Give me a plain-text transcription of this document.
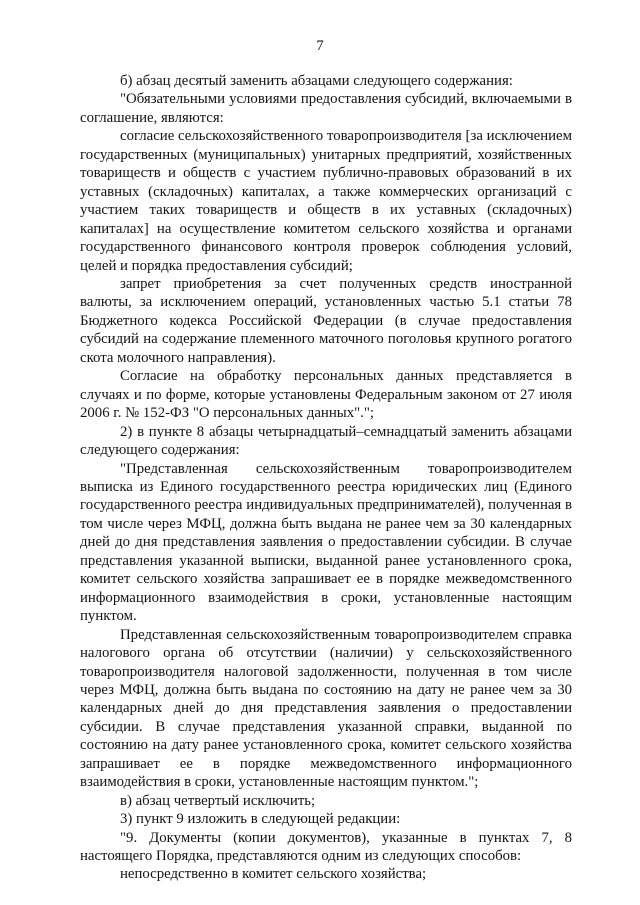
7

б) абзац десятый заменить абзацами следующего содержания:

"Обязательными условиями предоставления субсидий, включаемыми в соглашение, являются:

согласие сельскохозяйственного товаропроизводителя [за исключением государственных (муниципальных) унитарных предприятий, хозяйственных товариществ и обществ с участием публично-правовых образований в их уставных (складочных) капиталах, а также коммерческих организаций с участием таких товариществ и обществ в их уставных (складочных) капиталах] на осуществление комитетом сельского хозяйства и органами государственного финансового контроля проверок соблюдения условий, целей и порядка предоставления субсидий;

запрет приобретения за счет полученных средств иностранной валюты, за исключением операций, установленных частью 5.1 статьи 78 Бюджетного кодекса Российской Федерации (в случае предоставления субсидий на содержание племенного маточного поголовья крупного рогатого скота молочного направления).

Согласие на обработку персональных данных представляется в случаях и по форме, которые установлены Федеральным законом от 27 июля 2006 г. № 152-ФЗ "О персональных данных".";

2) в пункте 8 абзацы четырнадцатый–семнадцатый заменить абзацами следующего содержания:

"Представленная сельскохозяйственным товаропроизводителем выписка из Единого государственного реестра юридических лиц (Единого государственного реестра индивидуальных предпринимателей), полученная в том числе через МФЦ, должна быть выдана не ранее чем за 30 календарных дней до дня представления заявления о предоставлении субсидии. В случае представления указанной выписки, выданной ранее установленного срока, комитет сельского хозяйства запрашивает ее в порядке межведомственного информационного взаимодействия в сроки, установленные настоящим пунктом.

Представленная сельскохозяйственным товаропроизводителем справка налогового органа об отсутствии (наличии) у сельскохозяйственного товаропроизводителя налоговой задолженности, полученная в том числе через МФЦ, должна быть выдана по состоянию на дату не ранее чем за 30 календарных дней до дня представления заявления о предоставлении субсидии. В случае представления указанной справки, выданной по состоянию на дату ранее установленного срока, комитет сельского хозяйства запрашивает ее в порядке межведомственного информационного взаимодействия в сроки, установленные настоящим пунктом.";

в) абзац четвертый исключить;

3) пункт 9 изложить в следующей редакции:

"9. Документы (копии документов), указанные в пунктах 7, 8 настоящего Порядка, представляются одним из следующих способов:

непосредственно в комитет сельского хозяйства;
